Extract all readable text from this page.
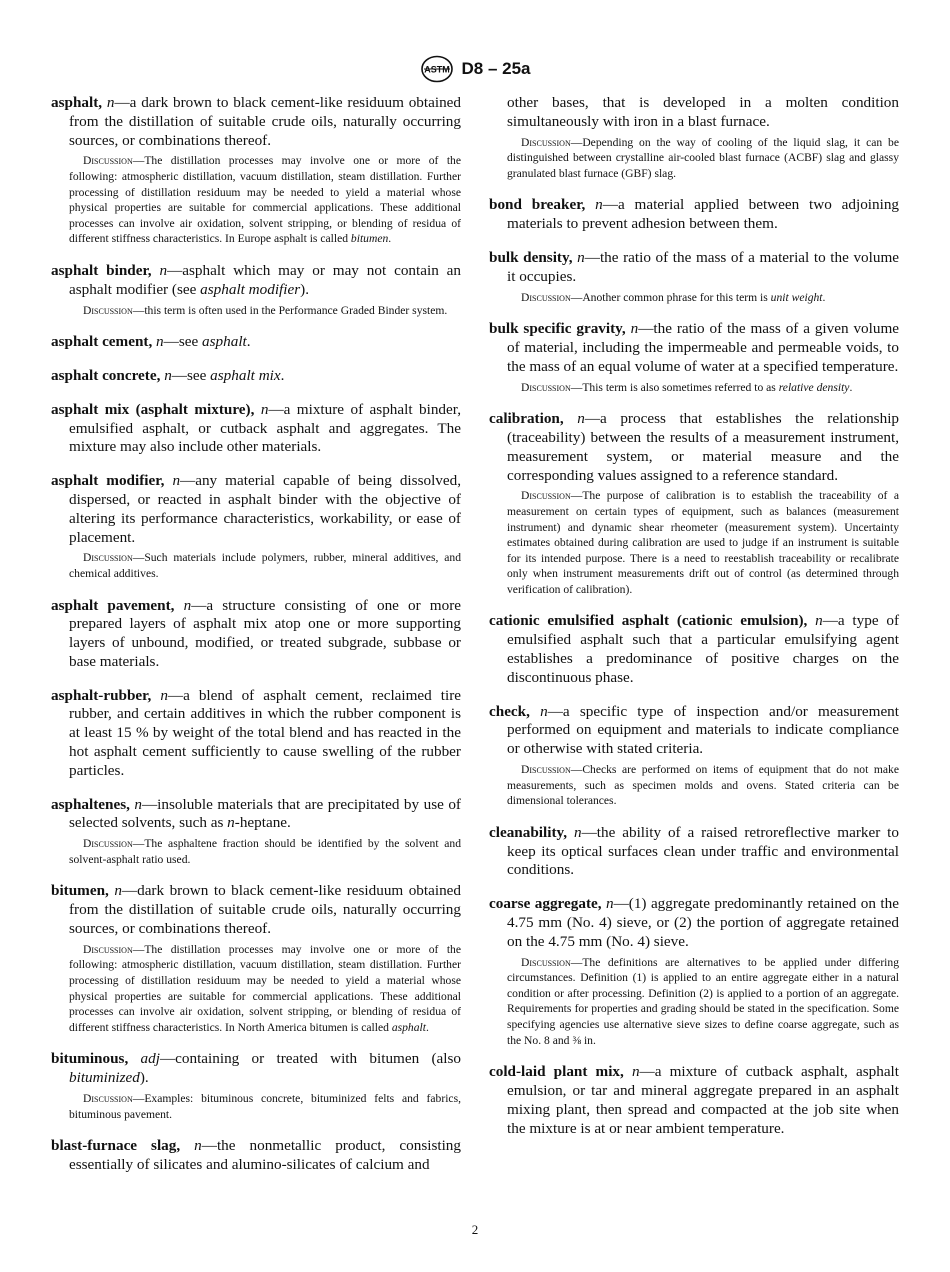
ASTM D8 – 25a

asphalt, n—a dark brown to black cement-like residuum obtained from the distillation of suitable crude oils, naturally occurring sources, or combinations thereof.

Discussion—The distillation processes may involve one or more of the following: atmospheric distillation, vacuum distillation, steam distillation. Further processing of distillation residuum may be needed to yield a material whose physical properties are suitable for commercial applications. These additional processes can involve air oxidation, solvent stripping, or blending of residua of different stiffness characteristics. In Europe asphalt is called bitumen.

asphalt binder, n—asphalt which may or may not contain an asphalt modifier (see asphalt modifier).

Discussion—this term is often used in the Performance Graded Binder system.

asphalt cement, n—see asphalt.

asphalt concrete, n—see asphalt mix.

asphalt mix (asphalt mixture), n—a mixture of asphalt binder, emulsified asphalt, or cutback asphalt and aggregates. The mixture may also include other materials.

asphalt modifier, n—any material capable of being dissolved, dispersed, or reacted in asphalt binder with the objective of altering its performance characteristics, workability, or ease of placement.

Discussion—Such materials include polymers, rubber, mineral additives, and chemical additives.

asphalt pavement, n—a structure consisting of one or more prepared layers of asphalt mix atop one or more supporting layers of unbound, modified, or treated subgrade, subbase or base materials.

asphalt-rubber, n—a blend of asphalt cement, reclaimed tire rubber, and certain additives in which the rubber component is at least 15 % by weight of the total blend and has reacted in the hot asphalt cement sufficiently to cause swelling of the rubber particles.

asphaltenes, n—insoluble materials that are precipitated by use of selected solvents, such as n-heptane.

Discussion—The asphaltene fraction should be identified by the solvent and solvent-asphalt ratio used.

bitumen, n—dark brown to black cement-like residuum obtained from the distillation of suitable crude oils, naturally occurring sources, or combinations thereof.

Discussion—The distillation processes may involve one or more of the following: atmospheric distillation, vacuum distillation, steam distillation. Further processing of distillation residuum may be needed to yield a material whose physical properties are suitable for commercial applications. These additional processes can involve air oxidation, solvent stripping, or blending of residua of different stiffness characteristics. In North America bitumen is called asphalt.

bituminous, adj—containing or treated with bitumen (also bituminized).

Discussion—Examples: bituminous concrete, bituminized felts and fabrics, bituminous pavement.

blast-furnace slag, n—the nonmetallic product, consisting essentially of silicates and alumino-silicates of calcium and

other bases, that is developed in a molten condition simultaneously with iron in a blast furnace.

Discussion—Depending on the way of cooling of the liquid slag, it can be distinguished between crystalline air-cooled blast furnace (ACBF) slag and glassy granulated blast furnace (GBF) slag.

bond breaker, n—a material applied between two adjoining materials to prevent adhesion between them.

bulk density, n—the ratio of the mass of a material to the volume it occupies.

Discussion—Another common phrase for this term is unit weight.

bulk specific gravity, n—the ratio of the mass of a given volume of material, including the impermeable and permeable voids, to the mass of an equal volume of water at a specified temperature.

Discussion—This term is also sometimes referred to as relative density.

calibration, n—a process that establishes the relationship (traceability) between the results of a measurement instrument, measurement system, or material measure and the corresponding values assigned to a reference standard.

Discussion—The purpose of calibration is to establish the traceability of a measurement on certain types of equipment, such as balances (measurement instrument) and dynamic shear rheometer (measurement system). Uncertainty estimates obtained during calibration are used to judge if an instrument is suitable for its intended purpose. There is a need to reestablish traceability or recalibrate only when instrument measurements drift out of control (as determined through verification of calibration).

cationic emulsified asphalt (cationic emulsion), n—a type of emulsified asphalt such that a particular emulsifying agent establishes a predominance of positive charges on the discontinuous phase.

check, n—a specific type of inspection and/or measurement performed on equipment and materials to indicate compliance or otherwise with stated criteria.

Discussion—Checks are performed on items of equipment that do not make measurements, such as specimen molds and ovens. Stated criteria can be dimensional tolerances.

cleanability, n—the ability of a raised retroreflective marker to keep its optical surfaces clean under traffic and environmental conditions.

coarse aggregate, n—(1) aggregate predominantly retained on the 4.75 mm (No. 4) sieve, or (2) the portion of aggregate retained on the 4.75 mm (No. 4) sieve.

Discussion—The definitions are alternatives to be applied under differing circumstances. Definition (1) is applied to an entire aggregate either in a natural condition or after processing. Definition (2) is applied to a portion of an aggregate. Requirements for properties and grading should be stated in the specification. Some specifying agencies use alternative sieve sizes to define coarse aggregate, such as the No. 8 and ⅜ in.

cold-laid plant mix, n—a mixture of cutback asphalt, asphalt emulsion, or tar and mineral aggregate prepared in an asphalt mixing plant, then spread and compacted at the job site when the mixture is at or near ambient temperature.

2
